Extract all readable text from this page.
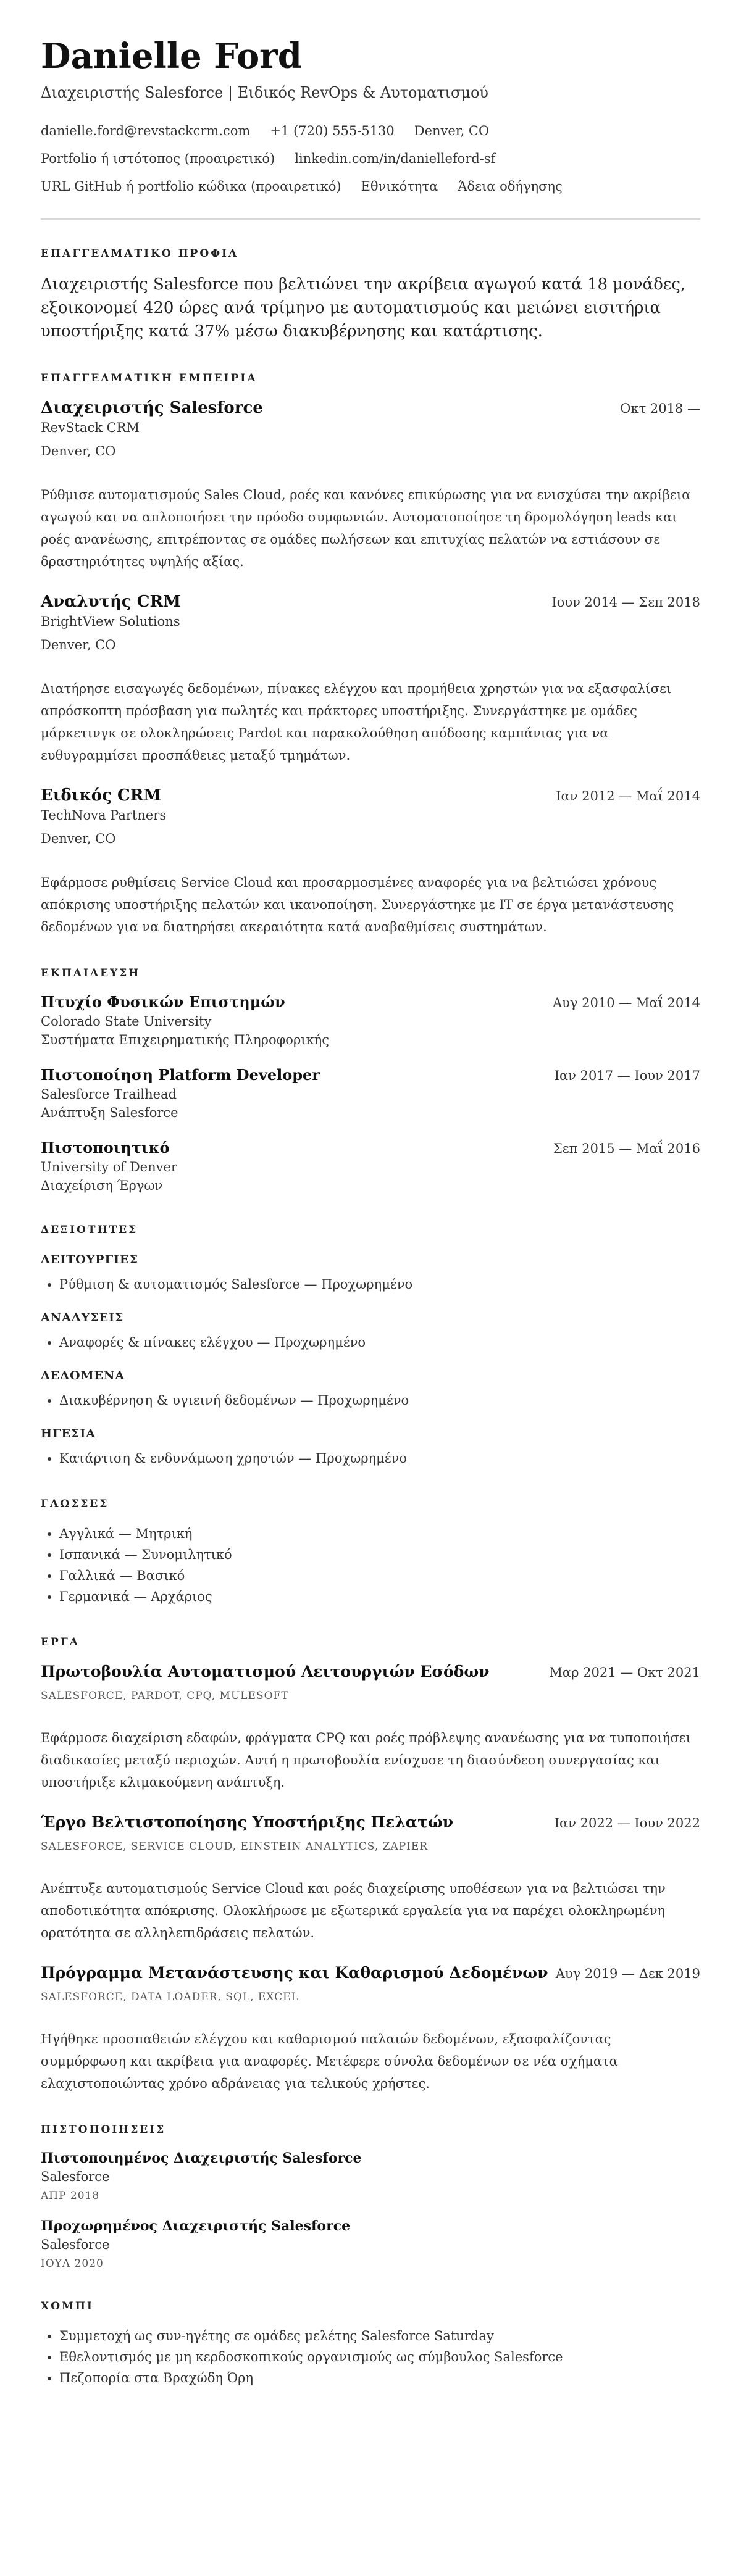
Danielle Ford
Διαχειριστής Salesforce | Ειδικός RevOps & Αυτοματισμού
danielle.ford@revstackcrm.com +1 (720) 555-5130 Denver, CO
Portfolio ή ιστότοπος (προαιρετικό) linkedin.com/in/danielleford-sf
URL GitHub ή portfolio κώδικα (προαιρετικό) Εθνικότητα Άδεια οδήγησης
ΕΠΑΓΓΕΛΜΑΤΙΚΟ ΠΡΟΦΙΛ

Διαχειριστής Salesforce που βελτιώνει την ακρίβεια αγωγού κατά 18 μονάδες, εξοικονομεί 420 ώρες ανά τρίμηνο με αυτοματισμούς και μειώνει εισιτήρια υποστήριξης κατά 37% μέσω διακυβέρνησης και κατάρτισης.

ΕΠΑΓΓΕΛΜΑΤΙΚΗ ΕΜΠΕΙΡΙΑ
Διαχειριστής Salesforce	Οκτ 2018 —
RevStack CRM
Denver, CO

Ρύθμισε αυτοματισμούς Sales Cloud, ροές και κανόνες επικύρωσης για να ενισχύσει την ακρίβεια αγωγού και να απλοποιήσει την πρόοδο συμφωνιών. Αυτοματοποίησε τη δρομολόγηση leads και ροές ανανέωσης, επιτρέποντας σε ομάδες πωλήσεων και επιτυχίας πελατών να εστιάσουν σε δραστηριότητες υψηλής αξίας.

Αναλυτής CRM	Ιουν 2014 — Σεπ 2018
BrightView Solutions
Denver, CO

Διατήρησε εισαγωγές δεδομένων, πίνακες ελέγχου και προμήθεια χρηστών για να εξασφαλίσει απρόσκοπτη πρόσβαση για πωλητές και πράκτορες υποστήριξης. Συνεργάστηκε με ομάδες μάρκετινγκ σε ολοκληρώσεις Pardot και παρακολούθηση απόδοσης καμπάνιας για να ευθυγραμμίσει προσπάθειες μεταξύ τμημάτων.

Ειδικός CRM	Ιαν 2012 — Μαΐ 2014
TechNova Partners
Denver, CO

Εφάρμοσε ρυθμίσεις Service Cloud και προσαρμοσμένες αναφορές για να βελτιώσει χρόνους απόκρισης υποστήριξης πελατών και ικανοποίηση. Συνεργάστηκε με IT σε έργα μετανάστευσης δεδομένων για να διατηρήσει ακεραιότητα κατά αναβαθμίσεις συστημάτων.

ΕΚΠΑΙΔΕΥΣΗ
Πτυχίο Φυσικών Επιστημών	Αυγ 2010 — Μαΐ 2014
Colorado State University
Συστήματα Επιχειρηματικής Πληροφορικής
Πιστοποίηση Platform Developer	Ιαν 2017 — Ιουν 2017
Salesforce Trailhead
Ανάπτυξη Salesforce
Πιστοποιητικό	Σεπ 2015 — Μαΐ 2016
University of Denver
Διαχείριση Έργων
ΔΕΞΙΟΤΗΤΕΣ
ΛΕΙΤΟΥΡΓΙΕΣ
• Ρύθμιση & αυτοματισμός Salesforce — Προχωρημένο
ΑΝΑΛΥΣΕΙΣ
• Αναφορές & πίνακες ελέγχου — Προχωρημένο
ΔΕΔΟΜΕΝΑ
• Διακυβέρνηση & υγιεινή δεδομένων — Προχωρημένο
ΗΓΕΣΙΑ
• Κατάρτιση & ενδυνάμωση χρηστών — Προχωρημένο
ΓΛΩΣΣΕΣ
• Αγγλικά — Μητρική
• Ισπανικά — Συνομιλητικό
• Γαλλικά — Βασικό
• Γερμανικά — Αρχάριος
ΕΡΓΑ
Πρωτοβουλία Αυτοματισμού Λειτουργιών Εσόδων	Μαρ 2021 — Οκτ 2021
SALESFORCE, PARDOT, CPQ, MULESOFT

Εφάρμοσε διαχείριση εδαφών, φράγματα CPQ και ροές πρόβλεψης ανανέωσης για να τυποποιήσει διαδικασίες μεταξύ περιοχών. Αυτή η πρωτοβουλία ενίσχυσε τη διασύνδεση συνεργασίας και υποστήριξε κλιμακούμενη ανάπτυξη.

Έργο Βελτιστοποίησης Υποστήριξης Πελατών	Ιαν 2022 — Ιουν 2022
SALESFORCE, SERVICE CLOUD, EINSTEIN ANALYTICS, ZAPIER

Ανέπτυξε αυτοματισμούς Service Cloud και ροές διαχείρισης υποθέσεων για να βελτιώσει την αποδοτικότητα απόκρισης. Ολοκλήρωσε με εξωτερικά εργαλεία για να παρέχει ολοκληρωμένη ορατότητα σε αλληλεπιδράσεις πελατών.

Πρόγραμμα Μετανάστευσης και Καθαρισμού Δεδομένων Αυγ 2019 — Δεκ 2019
SALESFORCE, DATA LOADER, SQL, EXCEL

Ηγήθηκε προσπαθειών ελέγχου και καθαρισμού παλαιών δεδομένων, εξασφαλίζοντας συμμόρφωση και ακρίβεια για αναφορές. Μετέφερε σύνολα δεδομένων σε νέα σχήματα ελαχιστοποιώντας χρόνο αδράνειας για τελικούς χρήστες.

ΠΙΣΤΟΠΟΙΗΣΕΙΣ
Πιστοποιημένος Διαχειριστής Salesforce
Salesforce
ΑΠΡ 2018
Προχωρημένος Διαχειριστής Salesforce
Salesforce
ΙΟΥΛ 2020
ΧΟΜΠΙ
• Συμμετοχή ως συν-ηγέτης σε ομάδες μελέτης Salesforce Saturday
• Εθελοντισμός με μη κερδοσκοπικούς οργανισμούς ως σύμβουλος Salesforce
• Πεζοπορία στα Βραχώδη Όρη
